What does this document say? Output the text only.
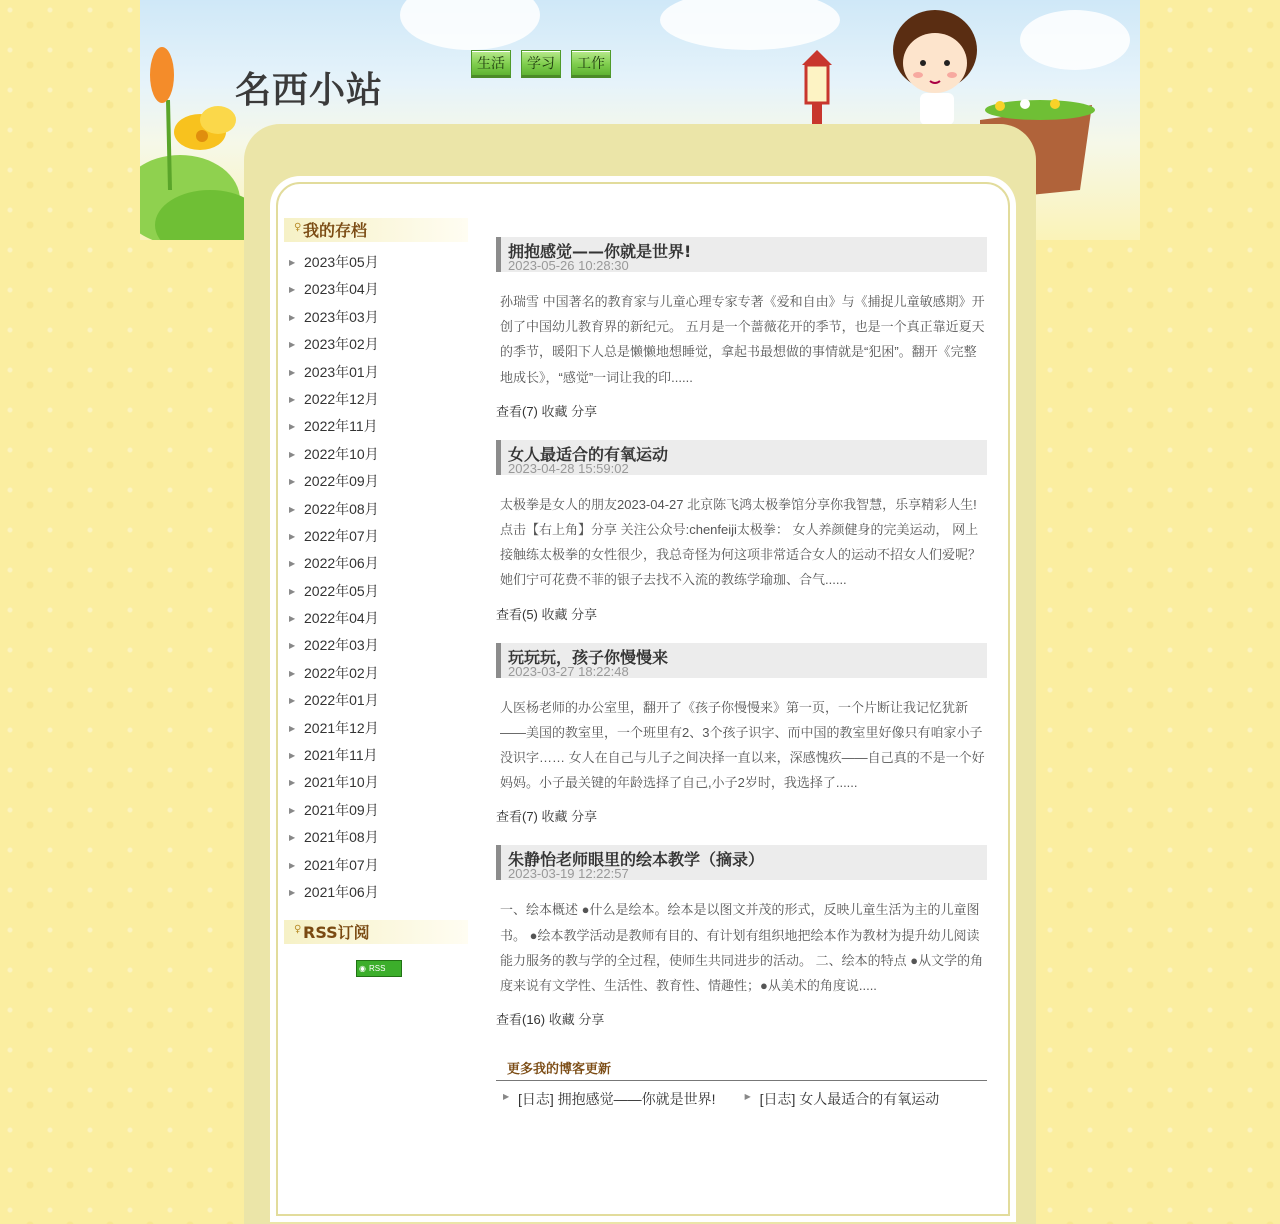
名西小站
生活	学习	工作
♀ 我的存档
▶ 2023年05月
▶ 2023年04月
▶ 2023年03月
▶ 2023年02月
▶ 2023年01月
▶ 2022年12月
▶ 2022年11月
▶ 2022年10月
▶ 2022年09月
▶ 2022年08月
▶ 2022年07月
▶ 2022年06月
▶ 2022年05月
▶ 2022年04月
▶ 2022年03月
▶ 2022年02月
▶ 2022年01月
▶ 2021年12月
▶ 2021年11月
▶ 2021年10月
▶ 2021年09月
▶ 2021年08月
▶ 2021年07月
▶ 2021年06月
♀ RSS订阅
◉ RSS
拥抱感觉——你就是世界!
2023-05-26 10:28:30
孙瑞雪 中国著名的教育家与儿童心理专家专著《爱和自由》与《捕捉儿童敏感期》开创了中国幼儿教育界的新纪元。 五月是一个蔷薇花开的季节，也是一个真正靠近夏天的季节，暖阳下人总是懒懒地想睡觉，拿起书最想做的事情就是“犯困”。翻开《完整地成长》，“感觉”一词让我的印......
查看(7) 收藏 分享
女人最适合的有氧运动
2023-04-28 15:59:02
太极拳是女人的朋友2023-04-27 北京陈飞鸿太极拳馆分享你我智慧，乐享精彩人生!点击【右上角】分享 关注公众号:chenfeiji太极拳： 女人养颜健身的完美运动， 网上接触练太极拳的女性很少，我总奇怪为何这项非常适合女人的运动不招女人们爱呢？她们宁可花费不菲的银子去找不入流的教练学瑜珈、合气......
查看(5) 收藏 分享
玩玩玩，孩子你慢慢来
2023-03-27 18:22:48
人医杨老师的办公室里，翻开了《孩子你慢慢来》第一页，一个片断让我记忆犹新——美国的教室里，一个班里有2、3个孩子识字、而中国的教室里好像只有咱家小子没识字…… 女人在自己与儿子之间决择一直以来，深感愧疚——自己真的不是一个好妈妈。小子最关键的年龄选择了自己,小子2岁时，我选择了......
查看(7) 收藏 分享
朱静怡老师眼里的绘本教学（摘录）
2023-03-19 12:22:57
一、绘本概述 ●什么是绘本。绘本是以图文并茂的形式，反映儿童生活为主的儿童图书。 ●绘本教学活动是教师有目的、有计划有组织地把绘本作为教材为提升幼儿阅读能力服务的教与学的全过程，使师生共同进步的活动。 二、绘本的特点 ●从文学的角度来说有文学性、生活性、教育性、情趣性；●从美术的角度说.....
查看(16) 收藏 分享
更多我的博客更新
▶ [日志] 拥抱感觉——你就是世界!	▶ [日志] 女人最适合的有氧运动
